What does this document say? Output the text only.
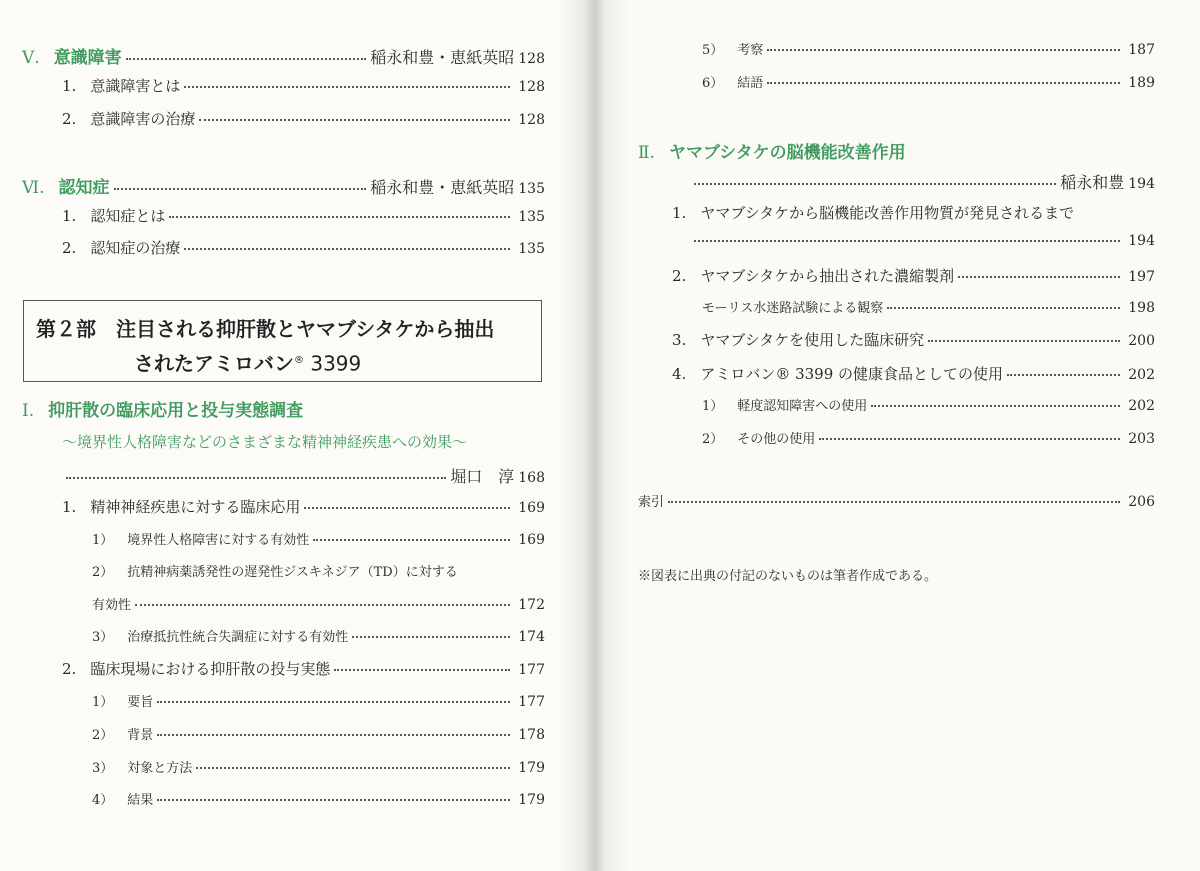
第２部　 注目される抑肝散とヤマブシタケから抽出
されたアミロバン® 3399
Ⅰ. 抑肝散の臨床応用と投与実態調査
～境界性人格障害などのさまざまな精神神経疾患への効果～
堀口　淳 168
※図表に出典の付記のないものは筆者作成である。
Ⅴ. 意識障害	稲永和豊・恵紙英昭 128
1. 意識障害とは	128
2. 意識障害の治療	128
Ⅵ. 認知症	稲永和豊・恵紙英昭 135
1. 認知症とは	135
2. 認知症の治療	135
1. 精神神経疾患に対する臨床応用	169
1） 境界性人格障害に対する有効性	169
2） 抗精神病薬誘発性の遅発性ジスキネジア（TD）に対する
有効性	172
3） 治療抵抗性統合失調症に対する有効性	174
2. 臨床現場における抑肝散の投与実態	177
1） 要旨	177
2） 背景	178
3） 対象と方法	179
4） 結果	179
5） 考察	187
6） 結語	189
Ⅱ. ヤマブシタケの脳機能改善作用
稲永和豊 194
1. ヤマブシタケから脳機能改善作用物質が発見されるまで
194
2. ヤマブシタケから抽出された濃縮製剤	197
モーリス水迷路試験による観察	198
3. ヤマブシタケを使用した臨床研究	200
4. アミロバン® 3399 の健康食品としての使用	202
1） 軽度認知障害への使用	202
2） その他の使用	203
索引	206
